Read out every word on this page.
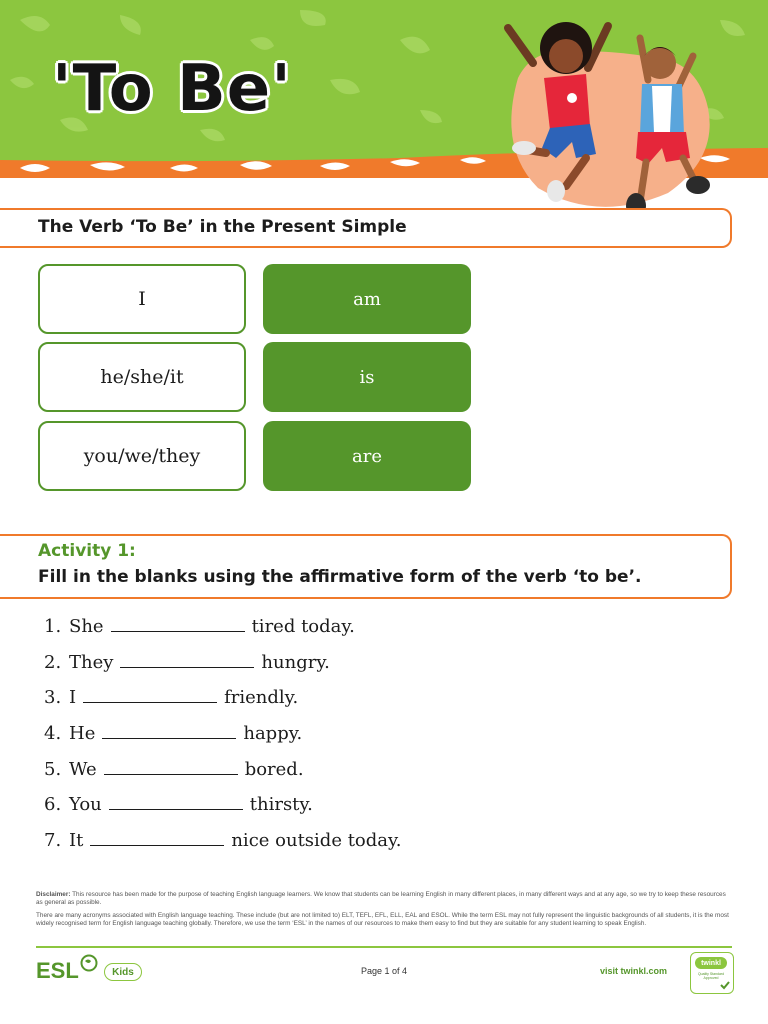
'To Be'
The Verb ‘To Be’ in the Present Simple
I	am
he/she/it	is
you/we/they	are
Activity 1:
Fill in the blanks using the affirmative form of the verb ‘to be’.
1. She	tired today.
2. They	hungry.
3. I	friendly.
4. He	happy.
5. We	bored.
6. You	thirsty.
7. It	nice outside today.
Disclaimer: This resource has been made for the purpose of teaching English language learners. We know that students can be learning English in many different places, in many different ways and at any age, so we try to keep these resources as general as possible.
There are many acronyms associated with English language teaching. These include (but are not limited to) ELT, TEFL, EFL, ELL, EAL and ESOL. While the term ESL may not fully represent the linguistic backgrounds of all students, it is the most widely recognised term for English language teaching globally. Therefore, we use the term ‘ESL’ in the names of our resources to make them easy to find but they are suitable for any student learning to speak English.
ESL	Kids	Page 1 of 4	visit twinkl.com
twinkl
Quality Standard Approved
